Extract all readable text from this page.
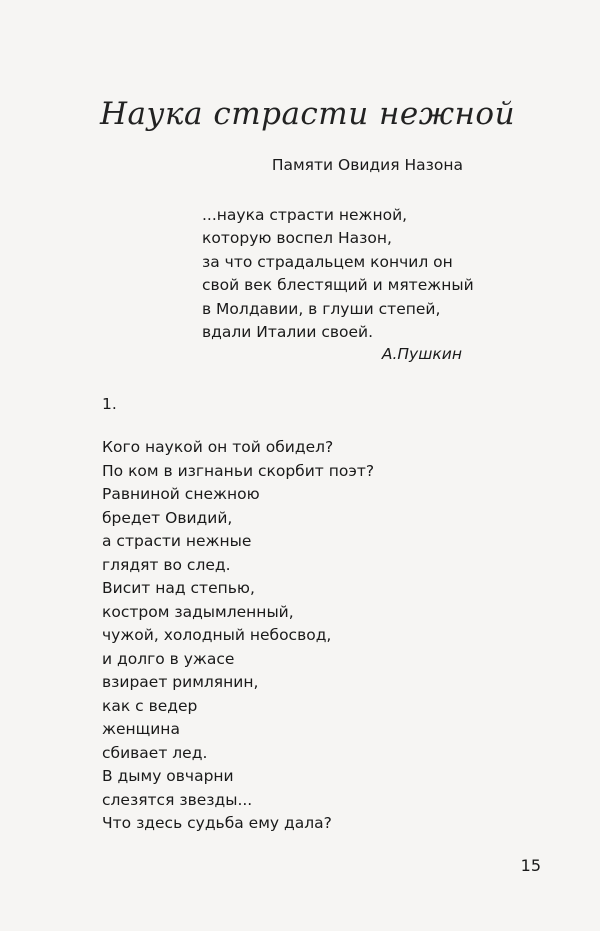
Наука страсти нежной
Памяти Овидия Назона
...наука страсти нежной,
которую воспел Назон,
за что страдальцем кончил он
свой век блестящий и мятежный
в Молдавии, в глуши степей,
вдали Италии своей.
А.Пушкин
1.
Кого наукой он той обидел?
По ком в изгнаньи скорбит поэт?
Равниной снежною
бредет Овидий,
а страсти нежные
глядят во след.
Висит над степью,
костром задымленный,
чужой, холодный небосвод,
и долго в ужасе
взирает римлянин,
как с ведер
женщина
сбивает лед.
В дыму овчарни
слезятся звезды...
Что здесь судьба ему дала?
15
